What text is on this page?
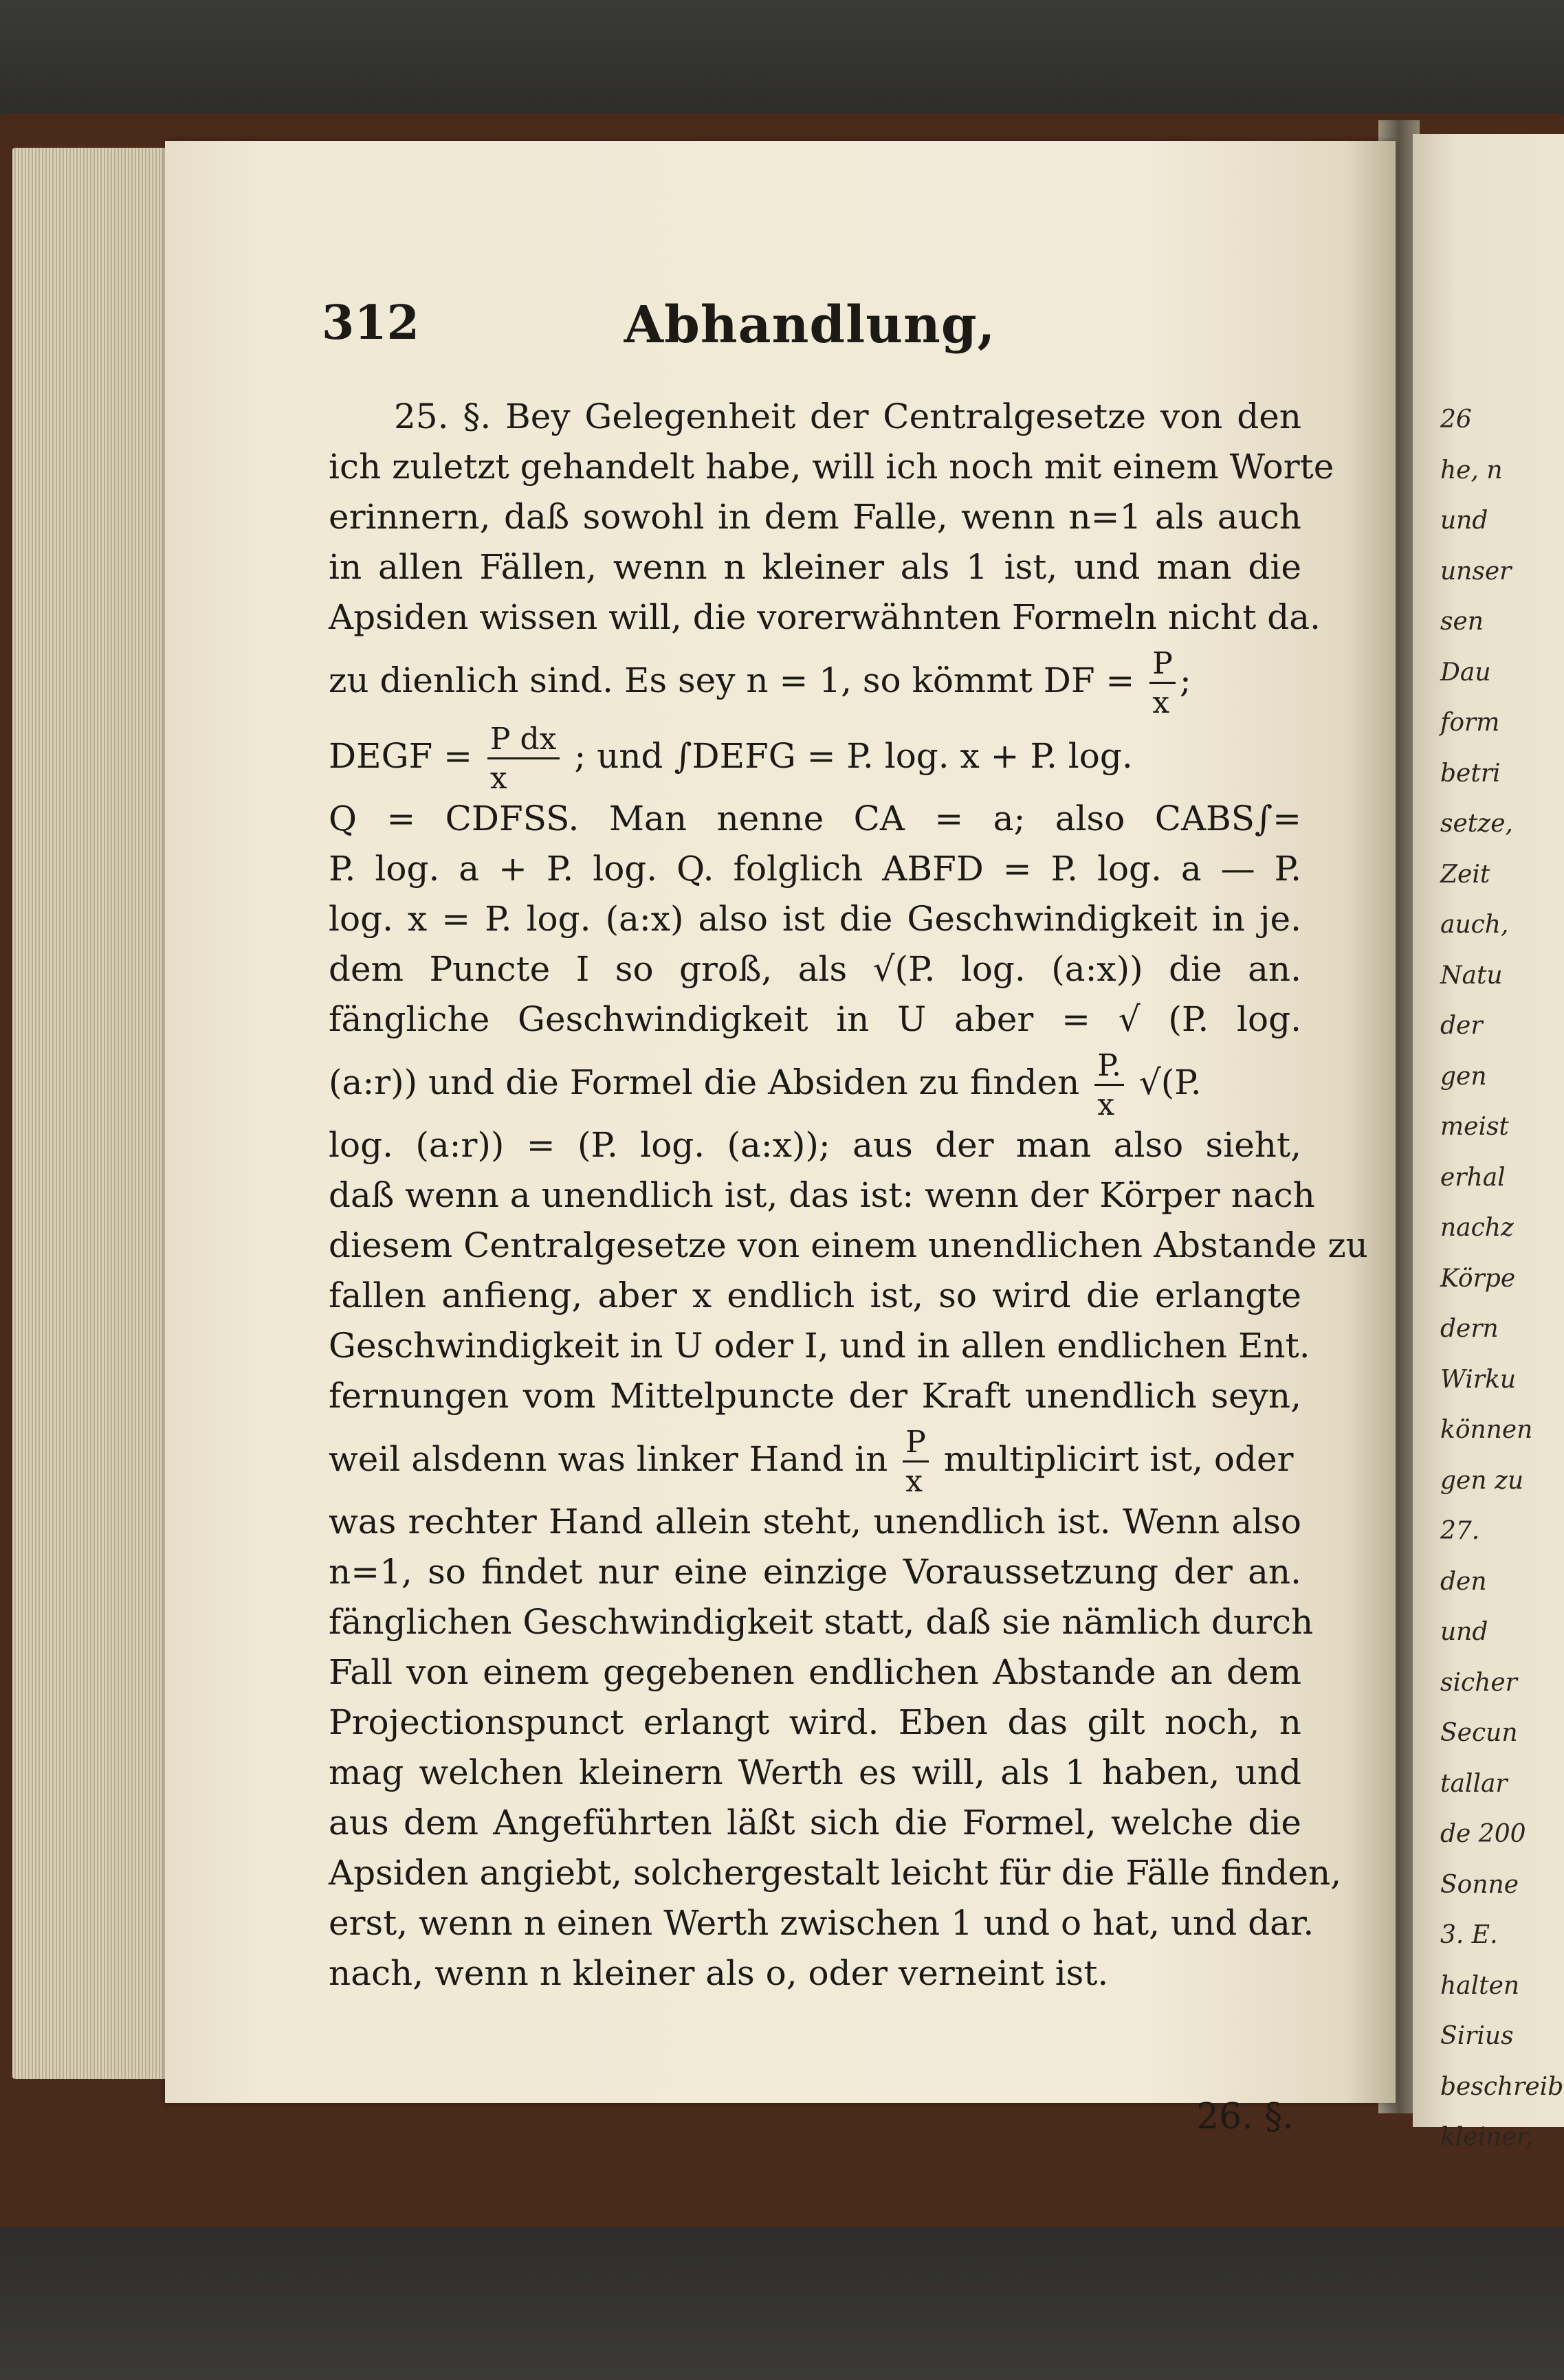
26
he, n
und
unser
sen
Dau
form
betri
setze,
Zeit
auch,
Natu
der
gen
meist
erhal
nachz
Körpe
dern
Wirku
können
gen zu
27.
den
und
sicher
Secun
tallar
de 200
Sonne
3. E.
halten
Sirius
beschreib
kleiner,
312	Abhandlung,
25. §. Bey Gelegenheit der Centralgesetze von den
ich zuletzt gehandelt habe, will ich noch mit einem Worte
erinnern, daß sowohl in dem Falle, wenn n=1 als auch
in allen Fällen, wenn n kleiner als 1 ist, und man die
Apsiden wissen will, die vorerwähnten Formeln nicht da.
zu dienlich sind. Es sey n = 1, so kömmt DF = $\frac{P}{x}$ ;
DEGF = $\frac{\text{P dx}}{x}$ ; und ∫DEFG = P. log. x + P. log.
Q = CDFSS. Man nenne CA = a; also CABS∫=
P. log. a + P. log. Q. folglich ABFD = P. log. a — P.
log. x = P. log. (a:x) also ist die Geschwindigkeit in je.
dem Puncte I so groß, als √(P. log. (a:x)) die an.
fängliche Geschwindigkeit in U aber = √ (P. log.
(a:r)) und die Formel die Absiden zu finden $\frac{P.}{x} √(P$.
log. (a:r)) = (P. log. (a:x)); aus der man also sieht,
daß wenn a unendlich ist, das ist: wenn der Körper nach
diesem Centralgesetze von einem unendlichen Abstande zu
fallen anfieng, aber x endlich ist, so wird die erlangte
Geschwindigkeit in U oder I, und in allen endlichen Ent.
fernungen vom Mittelpuncte der Kraft unendlich seyn,
weil alsdenn was linker Hand in $\frac{P}{x}$ multiplicirt ist, oder
was rechter Hand allein steht, unendlich ist. Wenn also
n=1, so findet nur eine einzige Voraussetzung der an.
fänglichen Geschwindigkeit statt, daß sie nämlich durch
Fall von einem gegebenen endlichen Abstande an dem
Projectionspunct erlangt wird. Eben das gilt noch, n
mag welchen kleinern Werth es will, als 1 haben, und
aus dem Angeführten läßt sich die Formel, welche die
Apsiden angiebt, solchergestalt leicht für die Fälle finden,
erst, wenn n einen Werth zwischen 1 und o hat, und dar.
nach, wenn n kleiner als o, oder verneint ist.
26. §.
